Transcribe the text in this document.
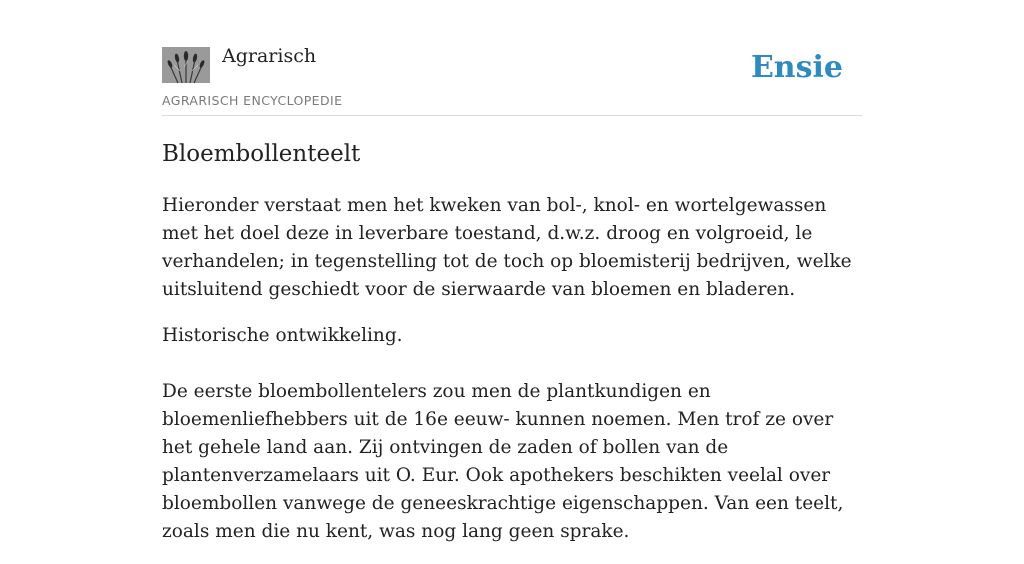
Agrarisch
AGRARISCH ENCYCLOPEDIE
Ensie
Bloembollenteelt

Hieronder verstaat men het kweken van bol-, knol- en wortelgewassen met het doel deze in leverbare toestand, d.w.z. droog en volgroeid, le verhandelen; in tegenstelling tot de toch op bloemisterij bedrijven, welke uitsluitend geschiedt voor de sierwaarde van bloemen en bladeren.

Historische ontwikkeling.

De eerste bloembollentelers zou men de plantkundigen en bloemenliefhebbers uit de 16e eeuw- kunnen noemen. Men trof ze over het gehele land aan. Zij ontvingen de zaden of bollen van de plantenverzamelaars uit O. Eur. Ook apothekers beschikten veelal over bloembollen vanwege de geneeskrachtige eigenschappen. Van een teelt, zoals men die nu kent, was nog lang geen sprake.
